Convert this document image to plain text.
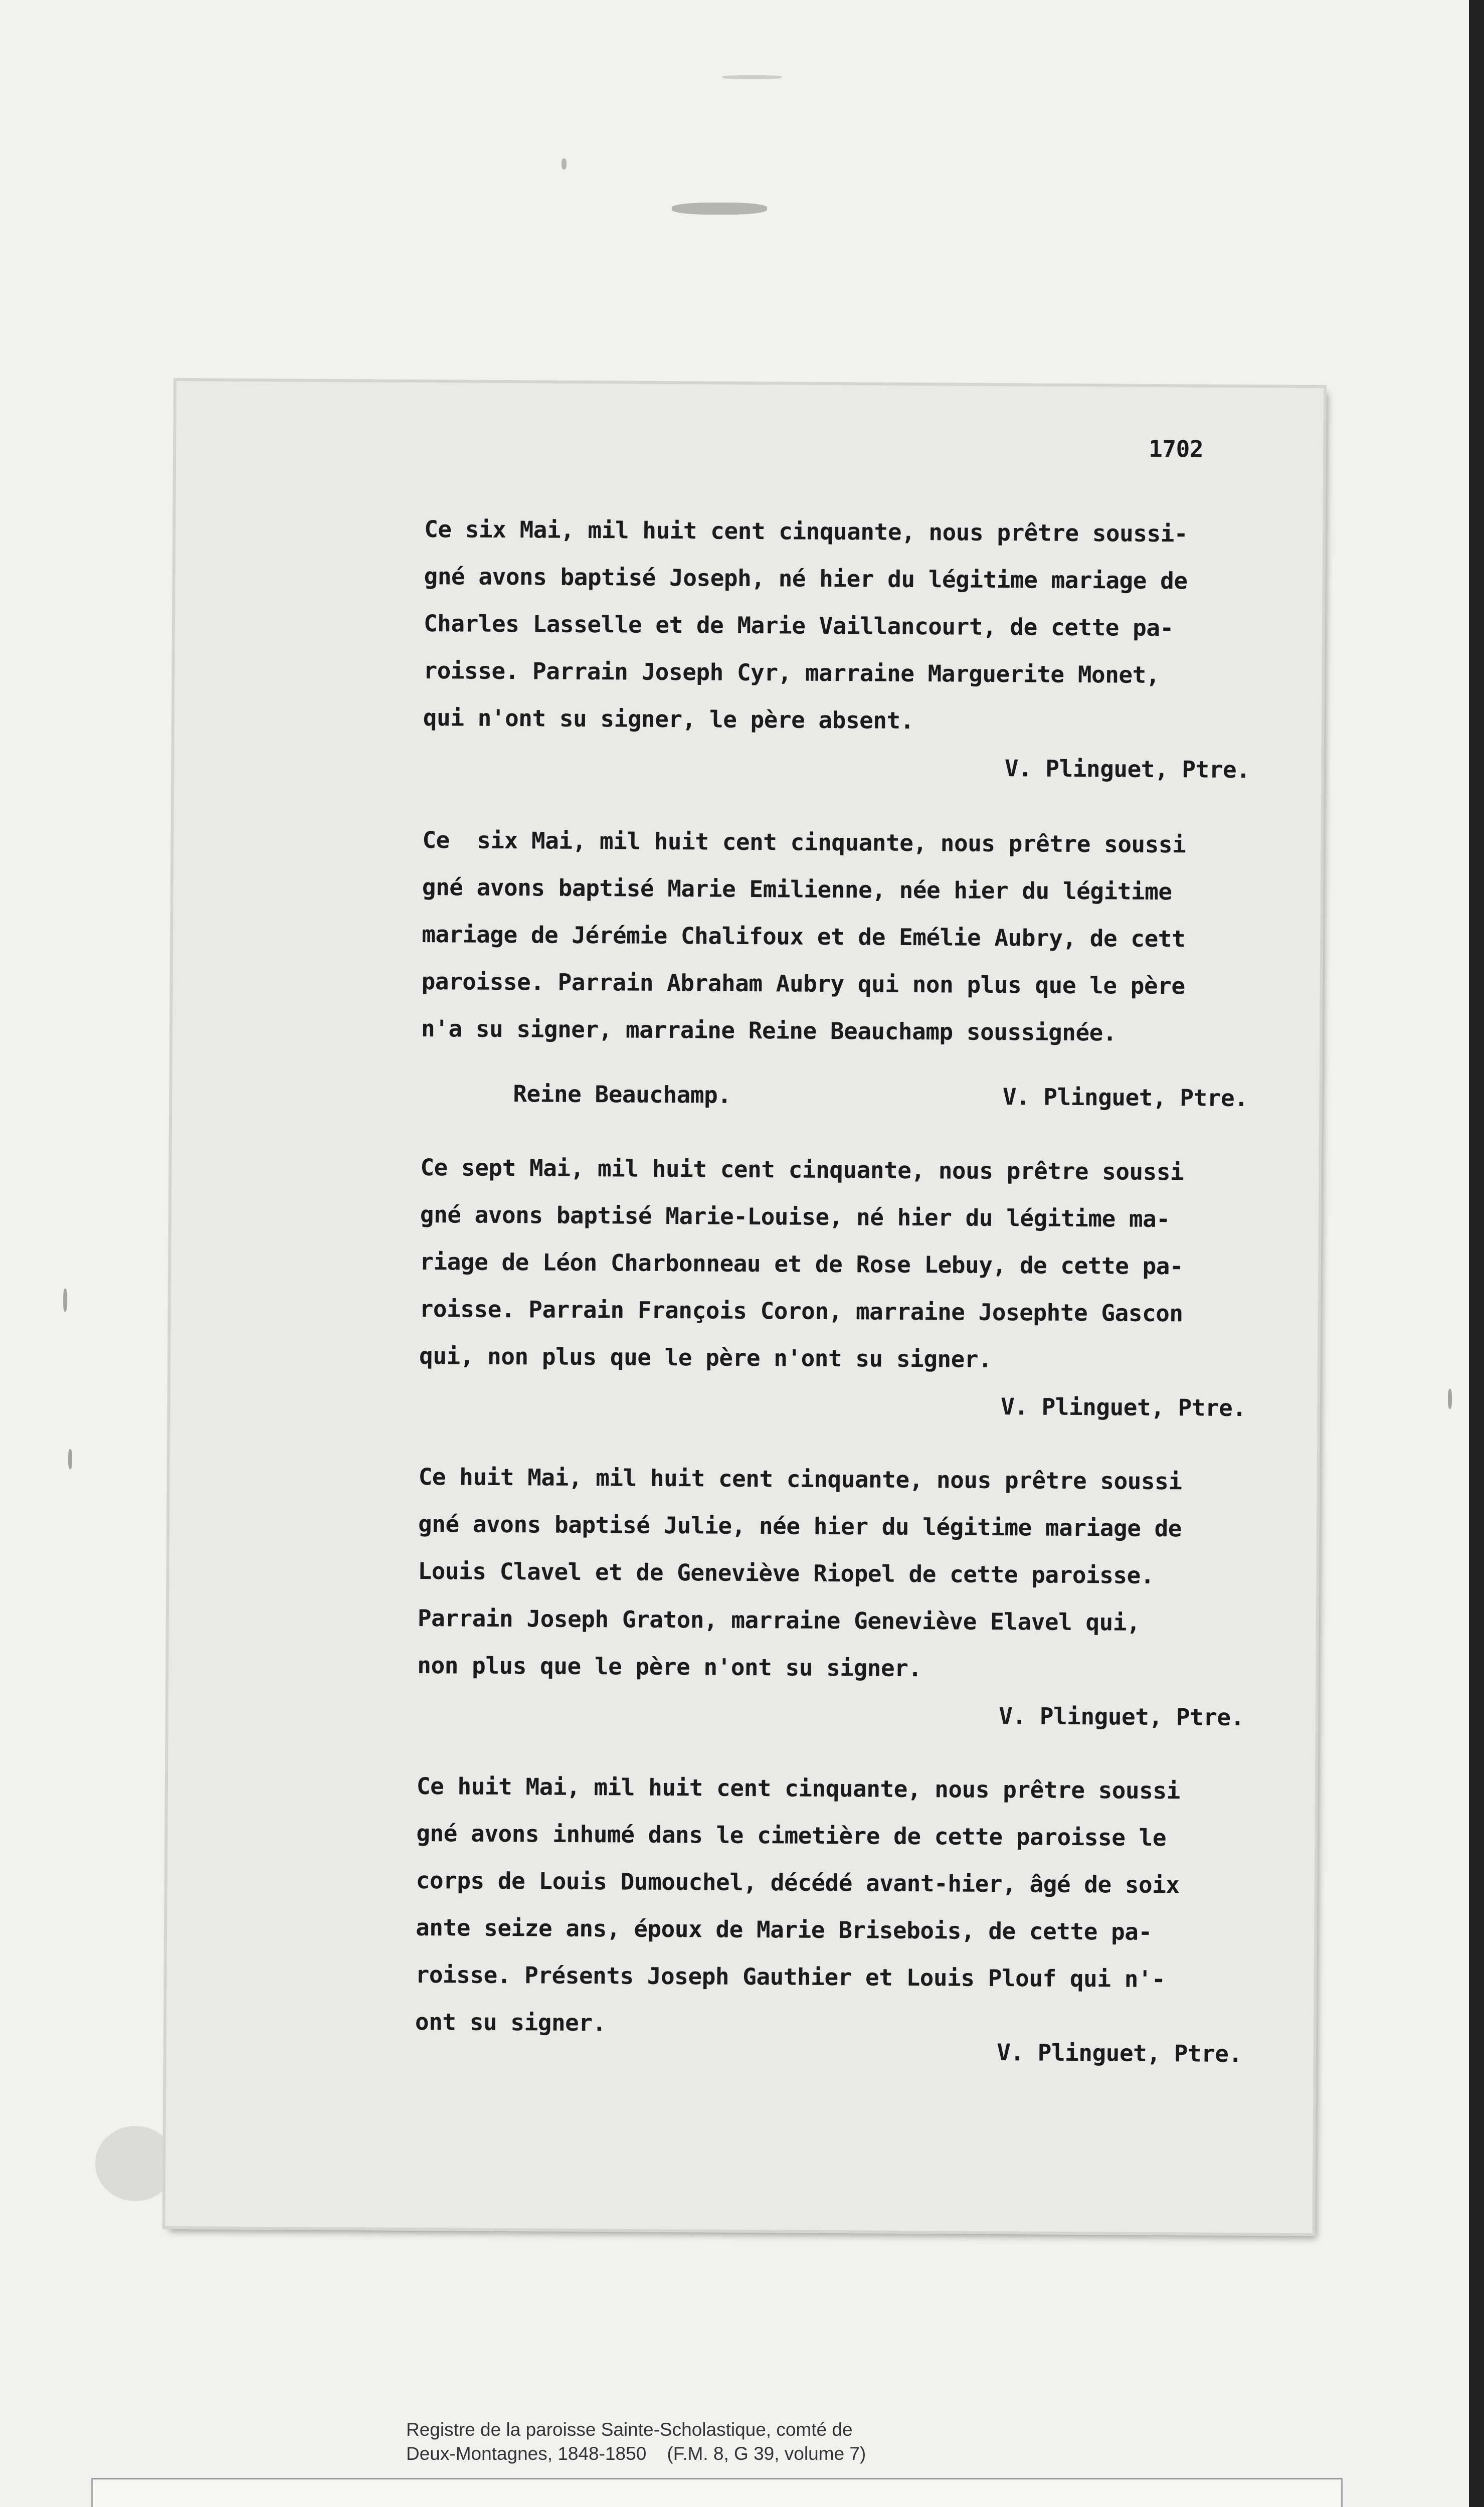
1702
Ce six Mai, mil huit cent cinquante, nous prêtre soussi-
gné avons baptisé Joseph, né hier du légitime mariage de
Charles Lasselle et de Marie Vaillancourt, de cette pa-
roisse. Parrain Joseph Cyr, marraine Marguerite Monet,
qui n'ont su signer, le père absent.
V. Plinguet, Ptre.
Ce  six Mai, mil huit cent cinquante, nous prêtre soussi
gné avons baptisé Marie Emilienne, née hier du légitime
mariage de Jérémie Chalifoux et de Emélie Aubry, de cett
paroisse. Parrain Abraham Aubry qui non plus que le père
n'a su signer, marraine Reine Beauchamp soussignée.
Reine Beauchamp.	V. Plinguet, Ptre.
Ce sept Mai, mil huit cent cinquante, nous prêtre soussi
gné avons baptisé Marie-Louise, né hier du légitime ma-
riage de Léon Charbonneau et de Rose Lebuy, de cette pa-
roisse. Parrain François Coron, marraine Josephte Gascon
qui, non plus que le père n'ont su signer.
V. Plinguet, Ptre.
Ce huit Mai, mil huit cent cinquante, nous prêtre soussi
gné avons baptisé Julie, née hier du légitime mariage de
Louis Clavel et de Geneviève Riopel de cette paroisse.
Parrain Joseph Graton, marraine Geneviève Elavel qui,
non plus que le père n'ont su signer.
V. Plinguet, Ptre.
Ce huit Mai, mil huit cent cinquante, nous prêtre soussi
gné avons inhumé dans le cimetière de cette paroisse le
corps de Louis Dumouchel, décédé avant-hier, âgé de soix
ante seize ans, époux de Marie Brisebois, de cette pa-
roisse. Présents Joseph Gauthier et Louis Plouf qui n'-
ont su signer.
V. Plinguet, Ptre.
Registre de la paroisse Sainte-Scholastique, comté de
Deux-Montagnes, 1848-1850    (F.M. 8, G 39, volume 7)
